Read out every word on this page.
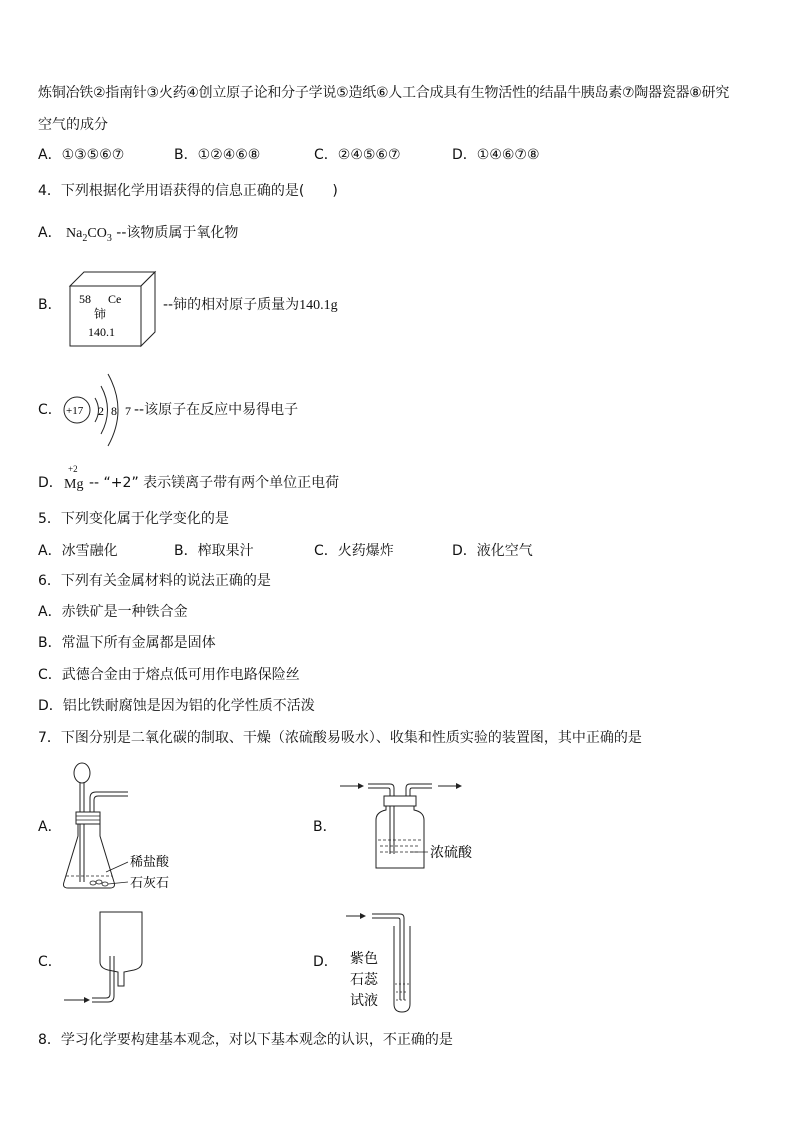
炼铜冶铁②指南针③火药④创立原子论和分子学说⑤造纸⑥人工合成具有生物活性的结晶牛胰岛素⑦陶器瓷器⑧研究
空气的成分
A．①③⑤⑥⑦	B．①②④⑥⑧	C．②④⑤⑥⑦	D．①④⑥⑦⑧
4．下列根据化学用语获得的信息正确的是(　　)
A． $Na_2CO_3$ --该物质属于氧化物
B． 58 Ce
铈
140.1
--铈的相对原子质量为140.1g
C． +17 2 8 7 --该原子在反应中易得电子
D．
+2
Mg -- “+2” 表示镁离子带有两个单位正电荷
5．下列变化属于化学变化的是
A．冰雪融化	B．榨取果汁	C．火药爆炸	D．液化空气
6．下列有关金属材料的说法正确的是
A．赤铁矿是一种铁合金
B．常温下所有金属都是固体
C．武德合金由于熔点低可用作电路保险丝
D．铝比铁耐腐蚀是因为铝的化学性质不活泼
7．下图分别是二氧化碳的制取、干燥（浓硫酸易吸水）、收集和性质实验的装置图，其中正确的是
A．
稀盐酸
石灰石
B．
浓硫酸
C．	D． 紫色
石蕊
试液
8．学习化学要构建基本观念，对以下基本观念的认识，不正确的是
